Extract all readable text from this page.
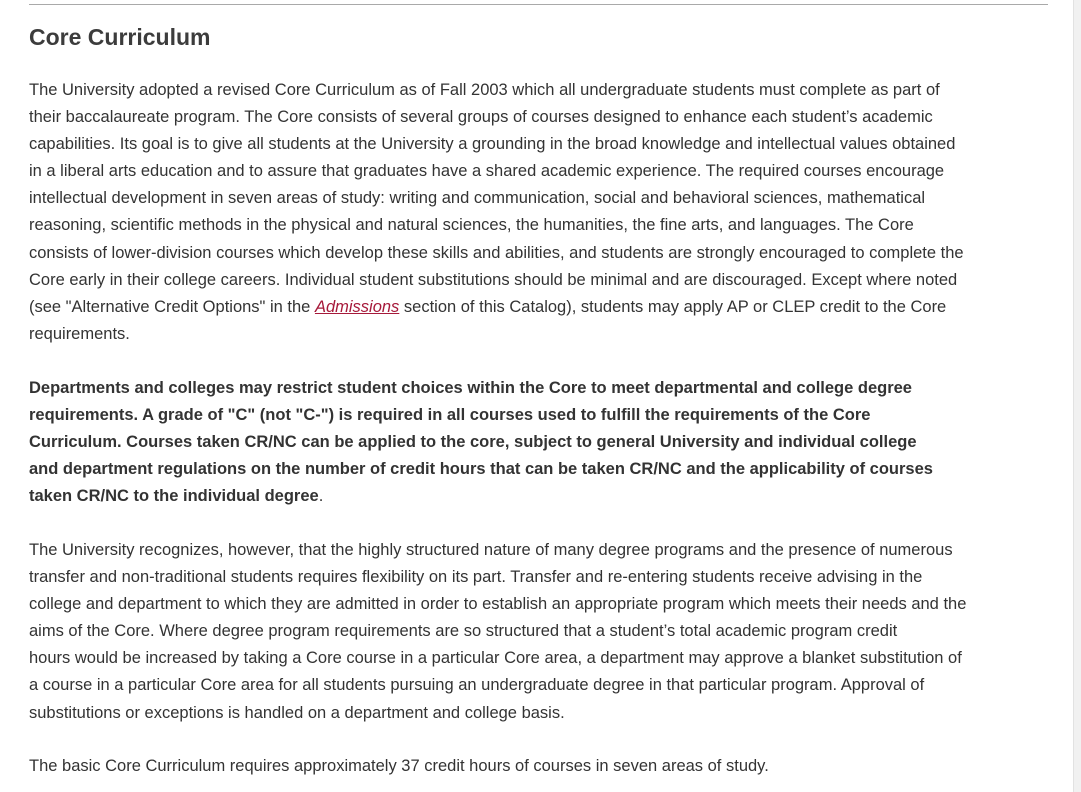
Core Curriculum

The University adopted a revised Core Curriculum as of Fall 2003 which all undergraduate students must complete as part of
their baccalaureate program. The Core consists of several groups of courses designed to enhance each student’s academic
capabilities. Its goal is to give all students at the University a grounding in the broad knowledge and intellectual values obtained
in a liberal arts education and to assure that graduates have a shared academic experience. The required courses encourage
intellectual development in seven areas of study: writing and communication, social and behavioral sciences, mathematical
reasoning, scientific methods in the physical and natural sciences, the humanities, the fine arts, and languages. The Core
consists of lower-division courses which develop these skills and abilities, and students are strongly encouraged to complete the
Core early in their college careers. Individual student substitutions should be minimal and are discouraged. Except where noted
(see "Alternative Credit Options" in the Admissions section of this Catalog), students may apply AP or CLEP credit to the Core
requirements.

Departments and colleges may restrict student choices within the Core to meet departmental and college degree
requirements. A grade of "C" (not "C-") is required in all courses used to fulfill the requirements of the Core
Curriculum. Courses taken CR/NC can be applied to the core, subject to general University and individual college
and department regulations on the number of credit hours that can be taken CR/NC and the applicability of courses
taken CR/NC to the individual degree.

The University recognizes, however, that the highly structured nature of many degree programs and the presence of numerous
transfer and non-traditional students requires flexibility on its part. Transfer and re-entering students receive advising in the
college and department to which they are admitted in order to establish an appropriate program which meets their needs and the
aims of the Core. Where degree program requirements are so structured that a student’s total academic program credit
hours would be increased by taking a Core course in a particular Core area, a department may approve a blanket substitution of
a course in a particular Core area for all students pursuing an undergraduate degree in that particular program. Approval of
substitutions or exceptions is handled on a department and college basis.

The basic Core Curriculum requires approximately 37 credit hours of courses in seven areas of study.
